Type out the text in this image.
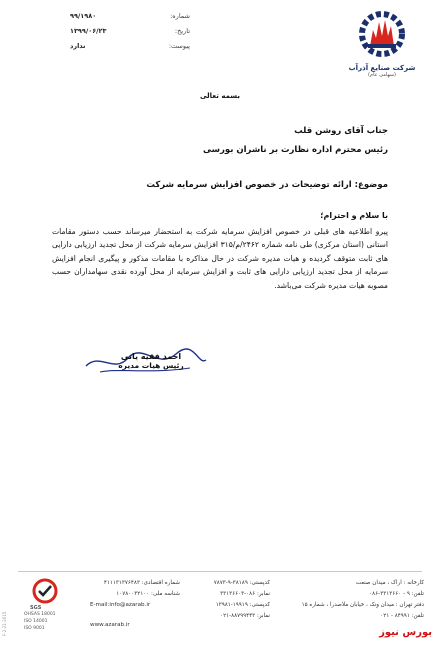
شماره:
۹۹/۱۹۸۰
تاریخ:
۱۳۹۹/۰۶/۲۳
پیوست:
ندارد
شرکت صنایع آذرآب
(سهامی عام)
بسمه تعالی
جناب آقای روشن قلب
رئیس محترم اداره نظارت بر ناشران بورسی
موضوع: ارائه توضیحات در خصوص افزایش سرمایه شرکت
با سلام و احترام؛
پیرو اطلاعیه های قبلی در خصوص افزایش سرمایه شرکت به استحضار میرساند حسب دستور مقامات استانی (استان مرکزی) طی نامه شماره ۲۴۶۲/م/۳۱۵ افزایش سرمایه شرکت از محل تجدید ارزیابی دارایی های ثابت متوقف گردیده و هیات مدیره شرکت در حال مذاکره با مقامات مذکور و پیگیری انجام افزایش سرمایه از محل تجدید ارزیابی دارایی های ثابت و افزایش سرمایه از محل آورده نقدی سهامداران حسب مصوبه هیات مدیره شرکت می‌باشد.
احمد فقیه یانی
رئیس هیات مدیره
کارخانه : اراک ، میدان صنعت
تلفن: ۹ - ۳۳۱۳۶۶۰-۰۸۶
دفتر تهران : میدان ونک ، خیابان ملاصدرا ، شماره ۱۵
تلفن: ۸۴۹۹۱ - ۰۲۱
کدپستی: ۳۸۱۸۹-۹-۷۸۷۳
نمابر: ۰۸۶-۳۳۱۳۶۶۰۳
کدپستی: ۱۹۹۱۹-۱۳۹۸۱
نمابر: ۸۸۷۹۹۴۴۳-۰۲۱
شماره اقتصادی: ۴۱۱۱۳۱۳۷۶۴۸۳
شناسه ملی: ۱۰۷۸۰۰۳۲۱۰۰
E-mail:info@azarab.ir
www.azarab.ir
SGS
OHSAS 18001
ISO 14001
ISO 9001
F-2-21-2015	بورس نیوز
